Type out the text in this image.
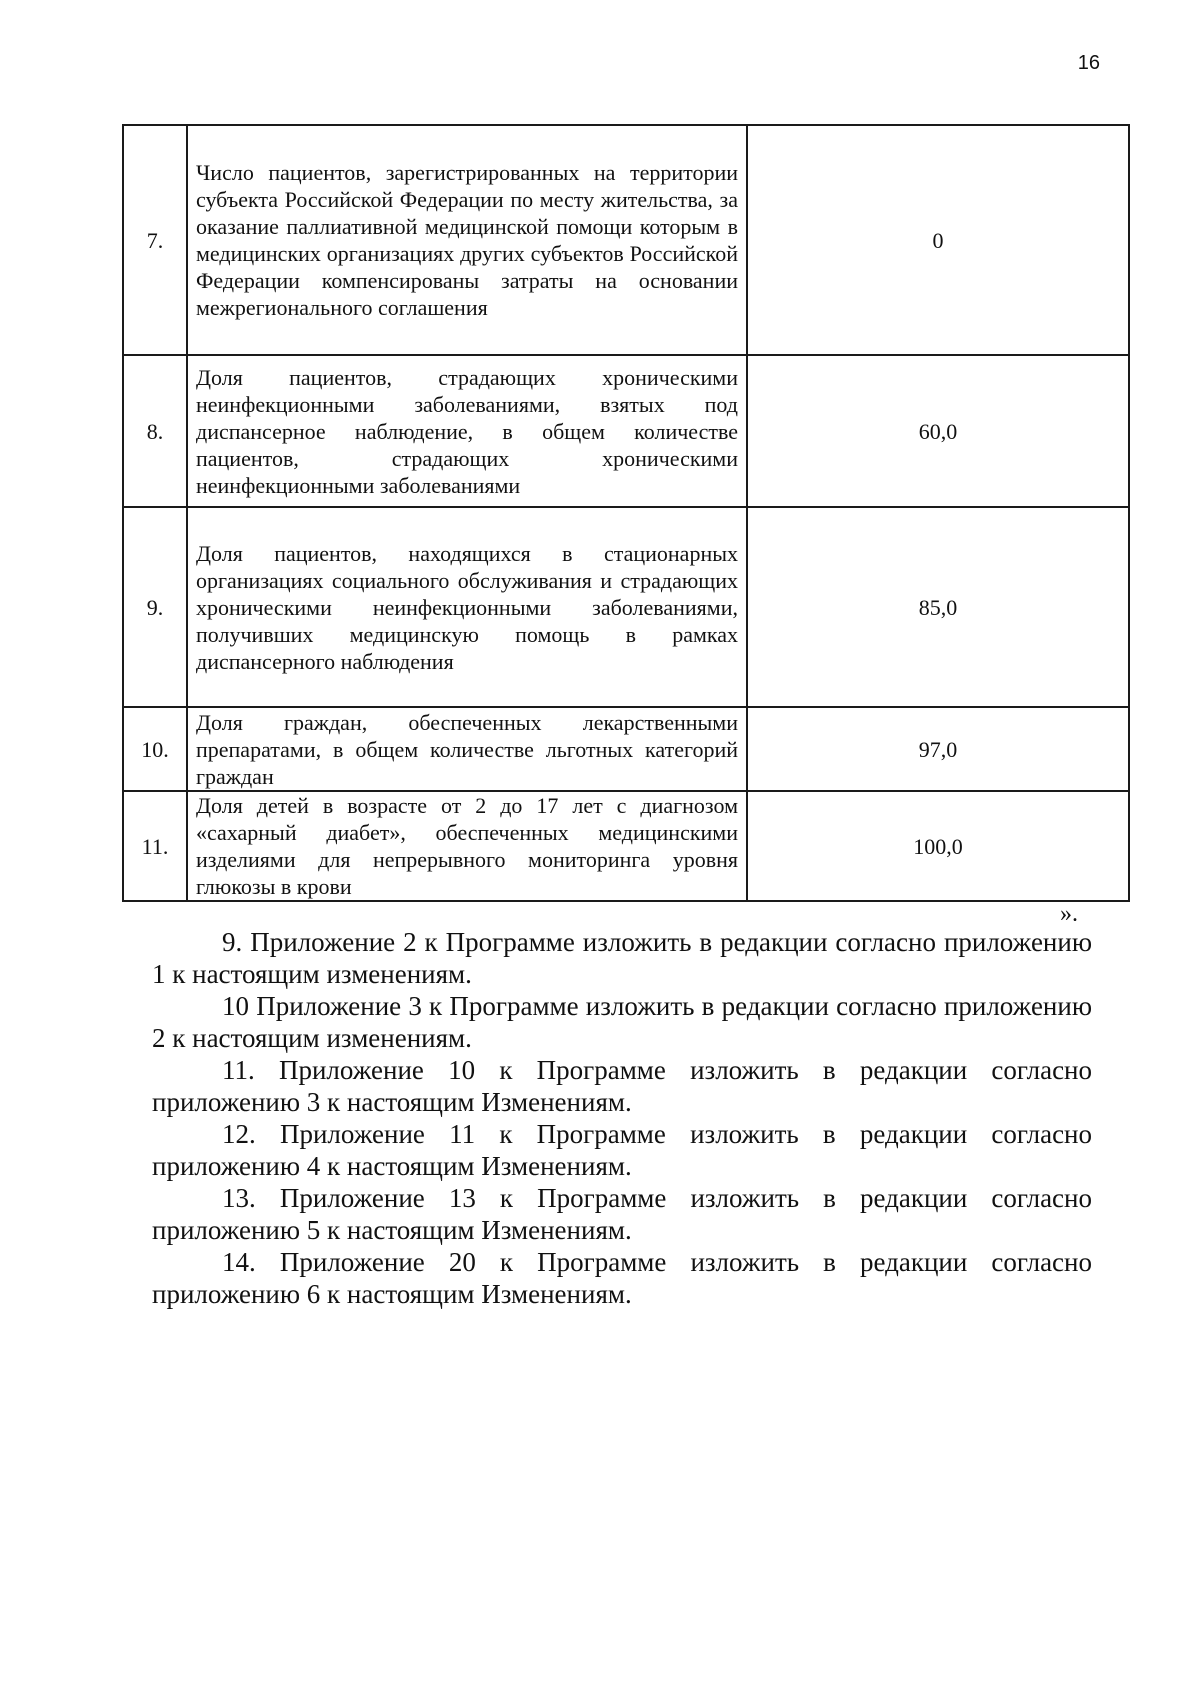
16
7.	Число пациентов, зарегистрированных на территории субъекта Российской Федерации по месту жительства, за оказание паллиативной медицинской помощи которым в медицинских организациях других субъектов Российской Федерации компенсированы затраты на основании межрегионального соглашения	0
8.	Доля пациентов, страдающих хроническими неинфекционными заболеваниями, взятых под диспансерное наблюдение, в общем количестве пациентов, страдающих хроническими неинфекционными заболеваниями	60,0
9.	Доля пациентов, находящихся в стационарных организациях социального обслуживания и страдающих хроническими неинфекционными заболеваниями, получивших медицинскую помощь в рамках диспансерного наблюдения	85,0
10.	Доля граждан, обеспеченных лекарственными препаратами, в общем количестве льготных категорий граждан	97,0
11.	Доля детей в возрасте от 2 до 17 лет с диагнозом «сахарный диабет», обеспеченных медицинскими изделиями для непрерывного мониторинга уровня глюкозы в крови	100,0
».

9. Приложение 2 к Программе изложить в редакции согласно приложению 1 к настоящим изменениям.

10 Приложение 3 к Программе изложить в редакции согласно приложению 2 к настоящим изменениям.

11. Приложение 10 к Программе изложить в редакции согласно приложению 3 к настоящим Изменениям.

12. Приложение 11 к Программе изложить в редакции согласно приложению 4 к настоящим Изменениям.

13. Приложение 13 к Программе изложить в редакции согласно приложению 5 к настоящим Изменениям.

14. Приложение 20 к Программе изложить в редакции согласно приложению 6 к настоящим Изменениям.
